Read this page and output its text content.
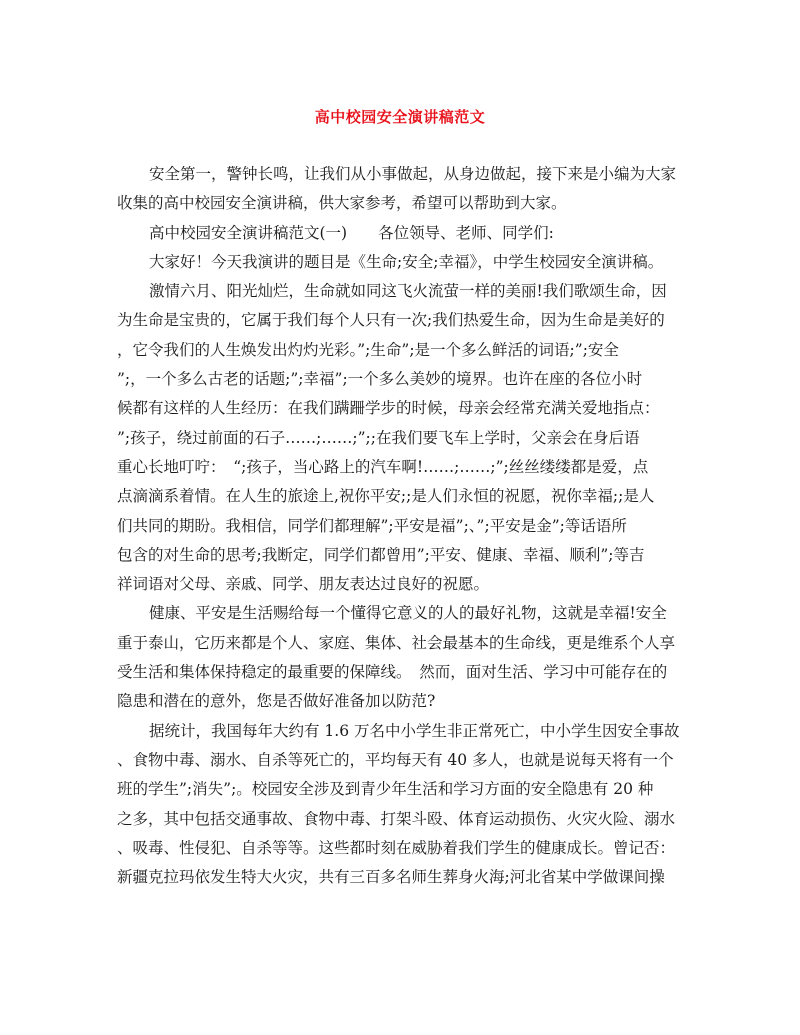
高中校园安全演讲稿范文
安全第一，警钟长鸣，让我们从小事做起，从身边做起，接下来是小编为大家
收集的高中校园安全演讲稿，供大家参考，希望可以帮助到大家。
高中校园安全演讲稿范文(一)　　各位领导、老师、同学们:
大家好！今天我演讲的题目是《生命;安全;幸福》，中学生校园安全演讲稿。
激情六月、阳光灿烂，生命就如同这飞火流萤一样的美丽!我们歌颂生命，因
为生命是宝贵的，它属于我们每个人只有一次;我们热爱生命，因为生命是美好的
，它令我们的人生焕发出灼灼光彩。”;生命”;是一个多么鲜活的词语;”;安全
”;，一个多么古老的话题;”;幸福”;一个多么美妙的境界。也许在座的各位小时
候都有这样的人生经历：在我们蹒跚学步的时候，母亲会经常充满关爱地指点：
”;孩子，绕过前面的石子……;……;”;;在我们要飞车上学时，父亲会在身后语
重心长地叮咛：　“;孩子，当心路上的汽车啊!……;……;”;丝丝缕缕都是爱，点
点滴滴系着情。在人生的旅途上,祝你平安;;是人们永恒的祝愿，祝你幸福;;是人
们共同的期盼。我相信，同学们都理解”;平安是福”;、”;平安是金”;等话语所
包含的对生命的思考;我断定，同学们都曾用”;平安、健康、幸福、顺利”;等吉
祥词语对父母、亲戚、同学、朋友表达过良好的祝愿。
健康、平安是生活赐给每一个懂得它意义的人的最好礼物，这就是幸福!安全
重于泰山，它历来都是个人、家庭、集体、社会最基本的生命线，更是维系个人享
受生活和集体保持稳定的最重要的保障线。　然而，面对生活、学习中可能存在的
隐患和潜在的意外，您是否做好准备加以防范?
据统计，我国每年大约有 1.6 万名中小学生非正常死亡，中小学生因安全事故
、食物中毒、溺水、自杀等死亡的，平均每天有 40 多人，也就是说每天将有一个
班的学生”;消失”;。校园安全涉及到青少年生活和学习方面的安全隐患有 20 种
之多，其中包括交通事故、食物中毒、打架斗殴、体育运动损伤、火灾火险、溺水
、吸毒、性侵犯、自杀等等。这些都时刻在威胁着我们学生的健康成长。曾记否：
新疆克拉玛依发生特大火灾，共有三百多名师生葬身火海;河北省某中学做课间操
